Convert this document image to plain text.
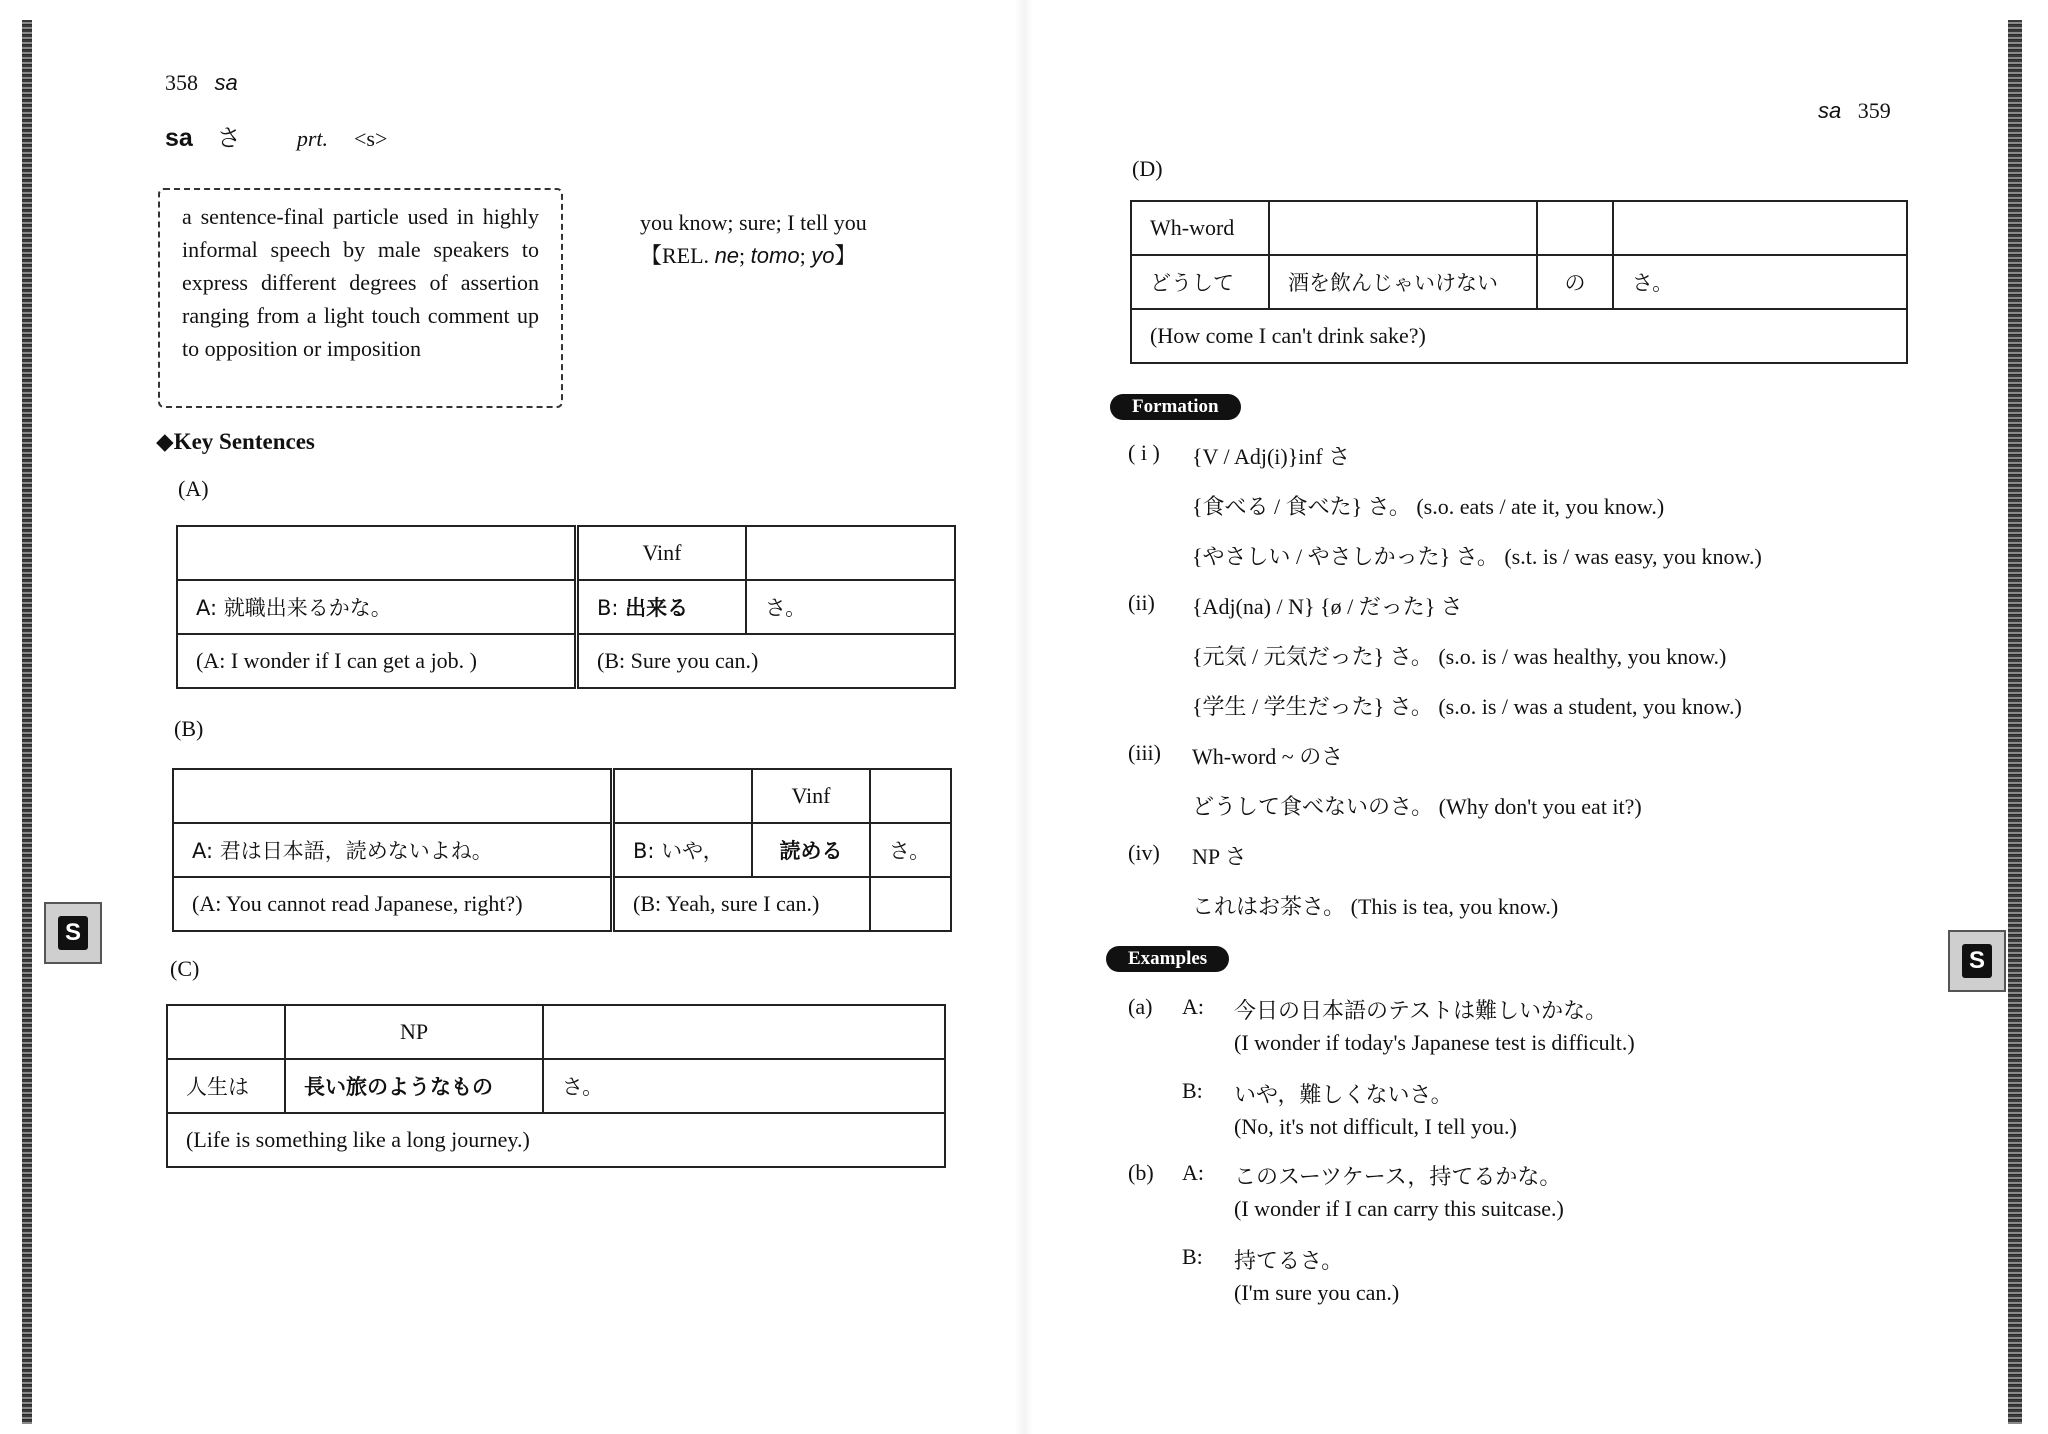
358 sa
sa さ	prt. <s>
a sentence-final particle used in highly informal speech by male speakers to express different degrees of assertion ranging from a light touch comment up to opposition or imposition
you know; sure; I tell you
【REL. ne; tomo; yo】
◆Key Sentences
(A)
	Vinf	
A: 就職出来るかな。	B: 出来る	さ。
(A: I wonder if I can get a job. )	(B: Sure you can.)	
(B)
		Vinf	
A: 君は日本語，読めないよね。	B: いや，	読める	さ。
(A: You cannot read Japanese, right?)	(B: Yeah, sure I can.)		
(C)
	NP	
人生は	長い旅のようなもの	さ。
(Life is something like a long journey.)		
S
sa 359
(D)
Wh-word			
どうして	酒を飲んじゃいけない	の	さ。
(How come I can't drink sake?)			
Formation
( i ) {V / Adj(i)}inf さ
{食べる / 食べた} さ。 (s.o. eats / ate it, you know.)
{やさしい / やさしかった} さ。 (s.t. is / was easy, you know.)
(ii) {Adj(na) / N} {ø / だった} さ
{元気 / 元気だった} さ。 (s.o. is / was healthy, you know.)
{学生 / 学生だった} さ。 (s.o. is / was a student, you know.)
(iii) Wh-word ~ のさ
どうして食べないのさ。 (Why don't you eat it?)
(iv) NP さ
これはお茶さ。 (This is tea, you know.)
Examples
(a) A: 今日の日本語のテストは難しいかな。
(I wonder if today's Japanese test is difficult.)
B: いや，難しくないさ。
(No, it's not difficult, I tell you.)
(b) A: このスーツケース，持てるかな。
(I wonder if I can carry this suitcase.)
B: 持てるさ。
(I'm sure you can.)
S
